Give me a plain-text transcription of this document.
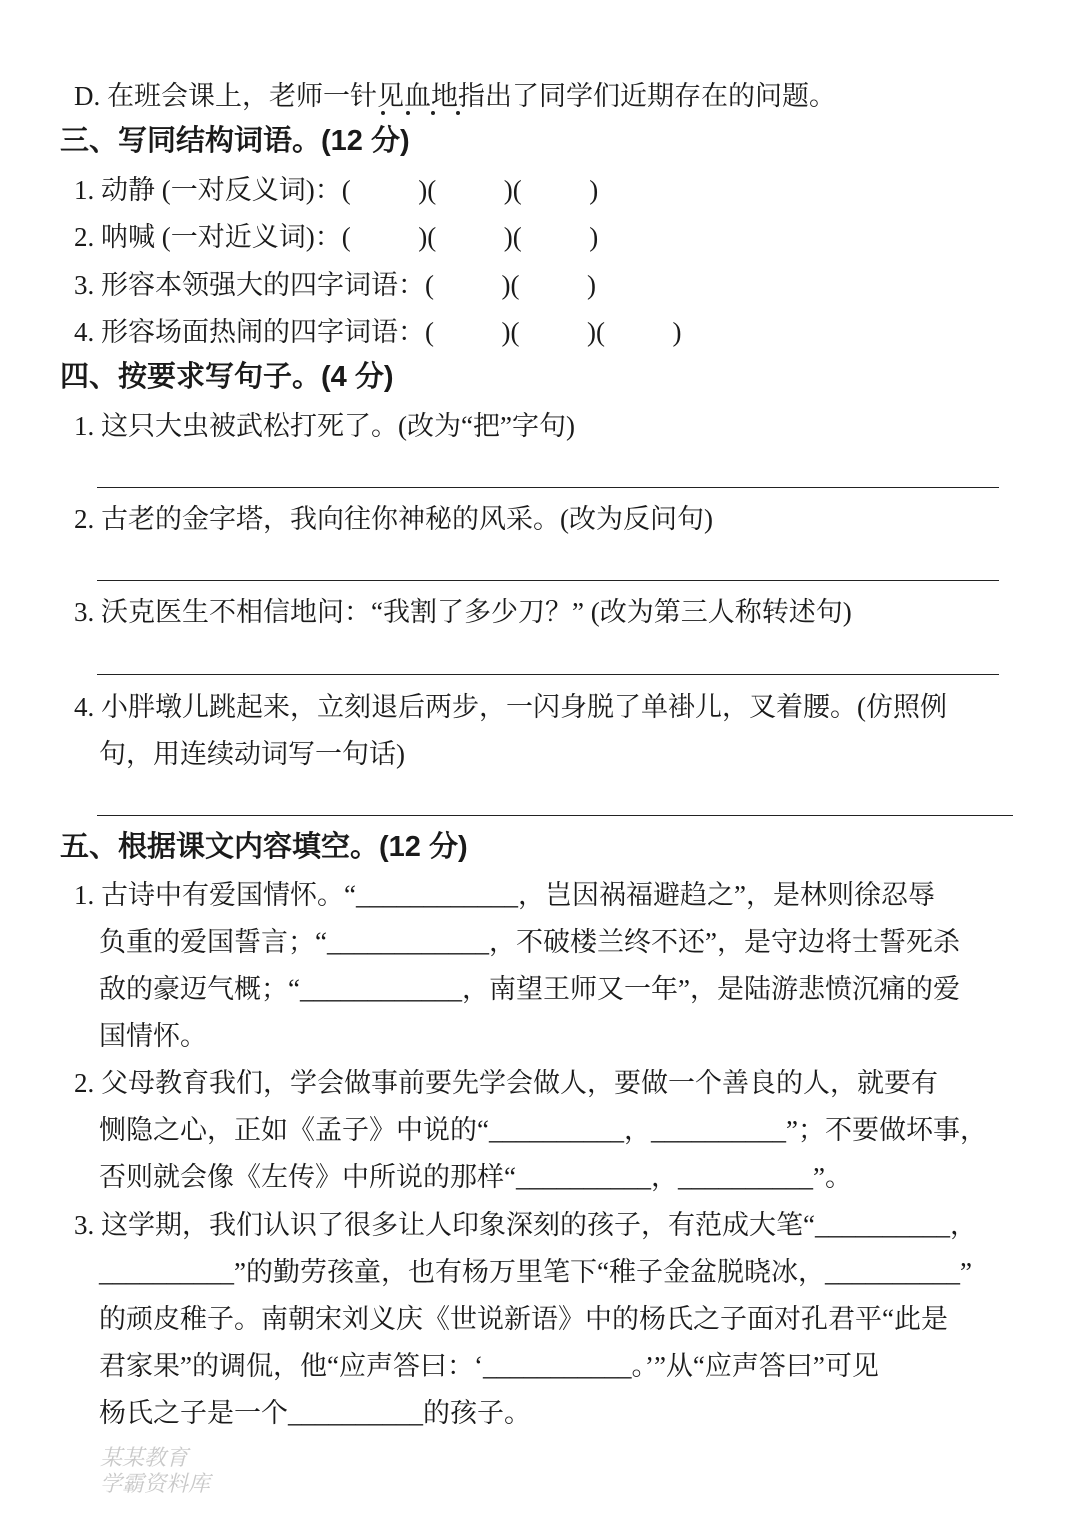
D. 在班会课上，老师一针见血地指出了同学们近期存在的问题。
三、写同结构词语。(12 分)
1. 动静 (一对反义词)：(          )(          )(          )
2. 呐喊 (一对近义词)：(          )(          )(          )
3. 形容本领强大的四字词语：(          )(          )
4. 形容场面热闹的四字词语：(          )(          )(          )
四、按要求写句子。(4 分)
1. 这只大虫被武松打死了。(改为“把”字句)
2. 古老的金字塔，我向往你神秘的风采。(改为反问句)
3. 沃克医生不相信地问：“我割了多少刀？” (改为第三人称转述句)
4. 小胖墩儿跳起来，立刻退后两步，一闪身脱了单褂儿，叉着腰。(仿照例
句，用连续动词写一句话)
五、根据课文内容填空。(12 分)
1. 古诗中有爱国情怀。“____________，岂因祸福避趋之”，是林则徐忍辱
负重的爱国誓言；“____________，不破楼兰终不还”，是守边将士誓死杀
敌的豪迈气概；“____________，南望王师又一年”，是陆游悲愤沉痛的爱
国情怀。
2. 父母教育我们，学会做事前要先学会做人，要做一个善良的人，就要有
恻隐之心，正如《孟子》中说的“__________，__________”；不要做坏事，
否则就会像《左传》中所说的那样“__________，__________”。
3. 这学期，我们认识了很多让人印象深刻的孩子，有范成大笔“__________，
__________”的勤劳孩童，也有杨万里笔下“稚子金盆脱晓冰，__________”
的顽皮稚子。南朝宋刘义庆《世说新语》中的杨氏之子面对孔君平“此是
君家果”的调侃，他“应声答曰：‘___________。’”从“应声答曰”可见
杨氏之子是一个__________的孩子。
某某教育
学霸资料库
